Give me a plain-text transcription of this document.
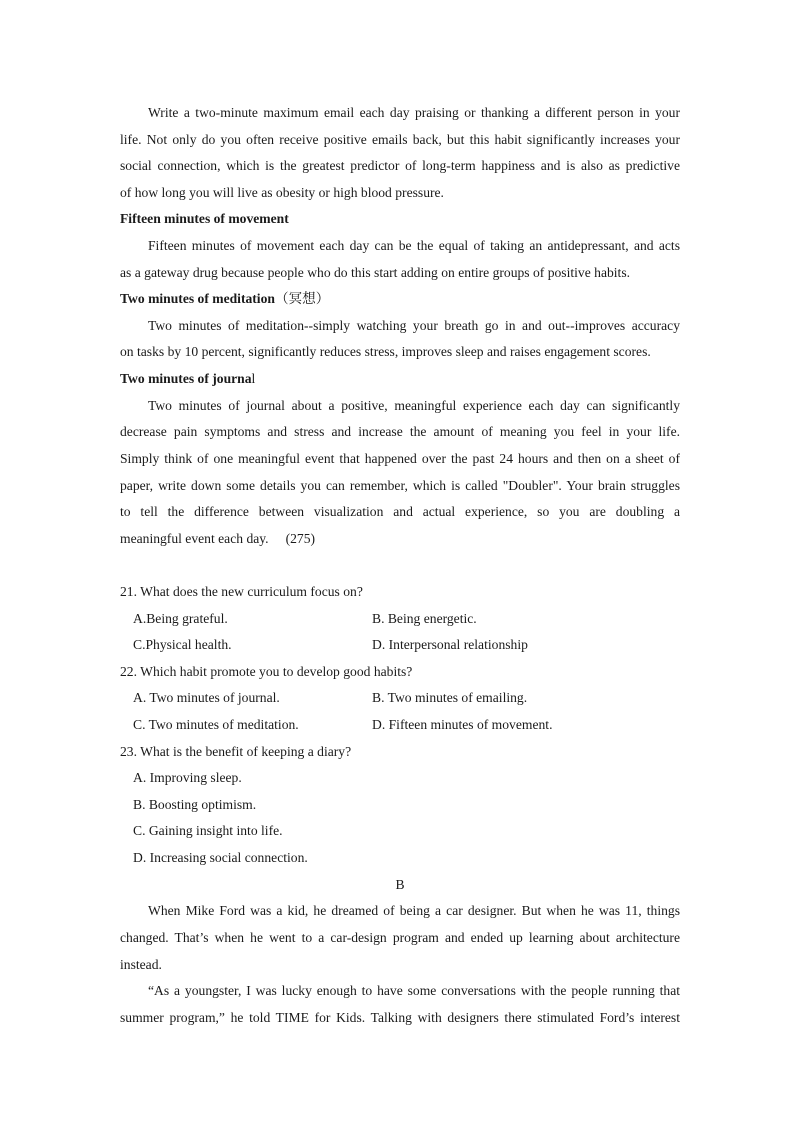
Write a two-minute maximum email each day praising or thanking a different person in your
life. Not only do you often receive positive emails back, but this habit significantly increases your
social connection, which is the greatest predictor of long-term happiness and is also as predictive
of how long you will live as obesity or high blood pressure.
Fifteen minutes of movement
Fifteen minutes of movement each day can be the equal of taking an antidepressant, and acts
as a gateway drug because people who do this start adding on entire groups of positive habits.
Two minutes of meditation（冥想）
Two minutes of meditation--simply watching your breath go in and out--improves accuracy
on tasks by 10 percent, significantly reduces stress, improves sleep and raises engagement scores.
Two minutes of journal
Two minutes of journal about a positive, meaningful experience each day can significantly
decrease pain symptoms and stress and increase the amount of meaning you feel in your life.
Simply think of one meaningful event that happened over the past 24 hours and then on a sheet of
paper, write down some details you can remember, which is called "Doubler". Your brain struggles
to tell the difference between visualization and actual experience, so you are doubling a
meaningful event each day.     (275)
21. What does the new curriculum focus on?
A.Being grateful.	B. Being energetic.
C.Physical health.	D. Interpersonal relationship
22. Which habit promote you to develop good habits?
A. Two minutes of journal.	B. Two minutes of emailing.
C. Two minutes of meditation.	D. Fifteen minutes of movement.
23. What is the benefit of keeping a diary?
A. Improving sleep.
B. Boosting optimism.
C. Gaining insight into life.
D. Increasing social connection.
B
When Mike Ford was a kid, he dreamed of being a car designer. But when he was 11, things
changed. That’s when he went to a car-design program and ended up learning about architecture
instead.
“As a youngster, I was lucky enough to have some conversations with the people running that
summer program,” he told TIME for Kids. Talking with designers there stimulated Ford’s interest
